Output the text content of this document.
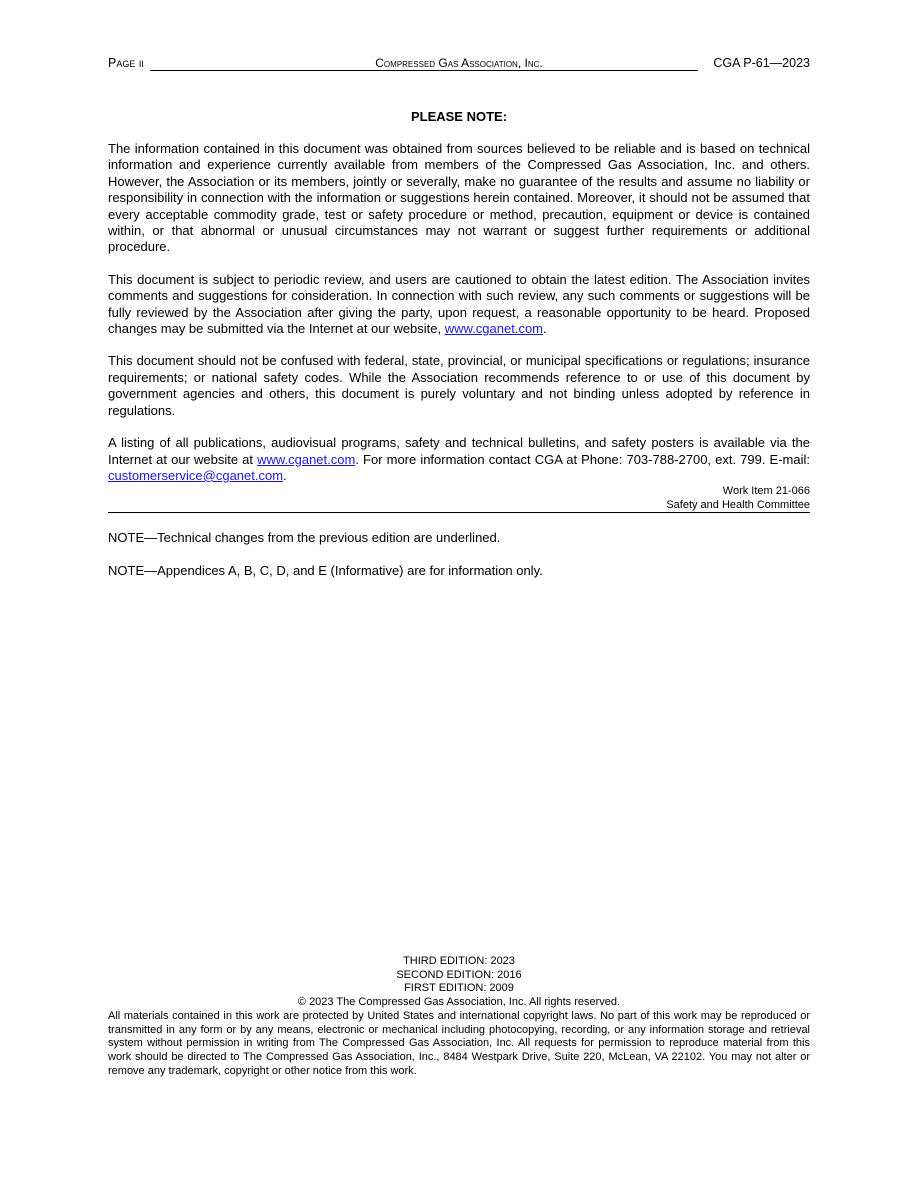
Compressed Gas Association, Inc.
Page ii	CGA P-61—2023
PLEASE NOTE:

The information contained in this document was obtained from sources believed to be reliable and is based on technical information and experience currently available from members of the Compressed Gas Association, Inc. and others. However, the Association or its members, jointly or severally, make no guarantee of the results and assume no liability or responsibility in connection with the information or suggestions herein contained. Moreover, it should not be assumed that every acceptable commodity grade, test or safety procedure or method, precaution, equipment or device is contained within, or that abnormal or unusual circumstances may not warrant or suggest further requirements or additional procedure.

This document is subject to periodic review, and users are cautioned to obtain the latest edition. The Association invites comments and suggestions for consideration. In connection with such review, any such comments or suggestions will be fully reviewed by the Association after giving the party, upon request, a reasonable opportunity to be heard. Proposed changes may be submitted via the Internet at our website, www.cganet.com.

This document should not be confused with federal, state, provincial, or municipal specifications or regulations; insurance requirements; or national safety codes. While the Association recommends reference to or use of this document by government agencies and others, this document is purely voluntary and not binding unless adopted by reference in regulations.

A listing of all publications, audiovisual programs, safety and technical bulletins, and safety posters is available via the Internet at our website at www.cganet.com. For more information contact CGA at Phone: 703-788-2700, ext. 799. E-mail: customerservice@cganet.com.

Work Item 21-066
Safety and Health Committee
NOTE—Technical changes from the previous edition are underlined.
NOTE—Appendices A, B, C, D, and E (Informative) are for information only.
THIRD EDITION: 2023
SECOND EDITION: 2016
FIRST EDITION: 2009
© 2023 The Compressed Gas Association, Inc. All rights reserved.
All materials contained in this work are protected by United States and international copyright laws. No part of this work may be reproduced or transmitted in any form or by any means, electronic or mechanical including photocopying, recording, or any information storage and retrieval system without permission in writing from The Compressed Gas Association, Inc. All requests for permission to reproduce material from this work should be directed to The Compressed Gas Association, Inc., 8484 Westpark Drive, Suite 220, McLean, VA 22102. You may not alter or remove any trademark, copyright or other notice from this work.
